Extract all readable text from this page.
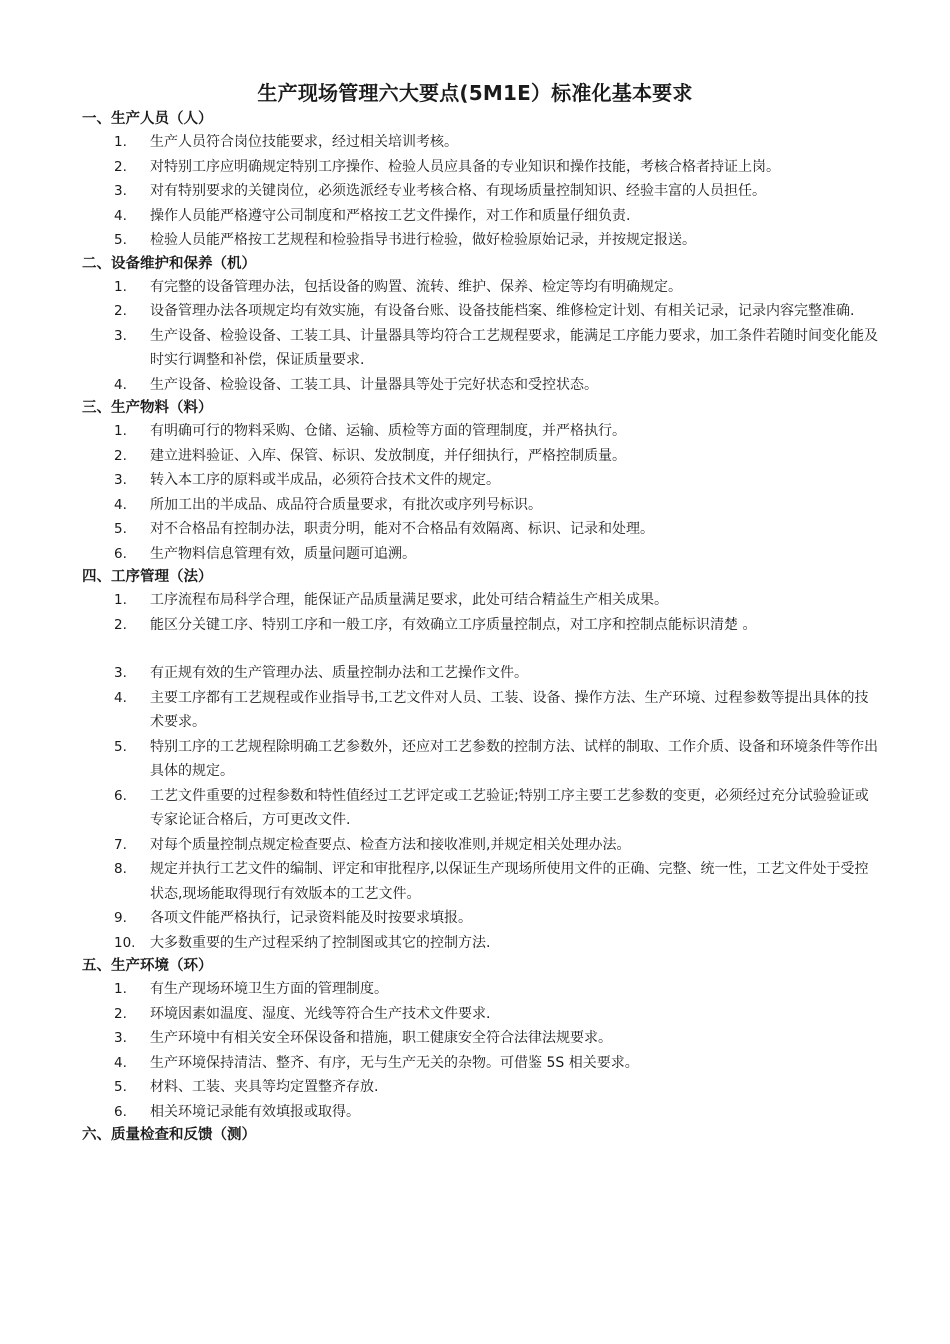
生产现场管理六大要点(5M1E）标准化基本要求
一、生产人员（人）
1. 生产人员符合岗位技能要求，经过相关培训考核。
2. 对特别工序应明确规定特别工序操作、检验人员应具备的专业知识和操作技能，考核合格者持证上岗。
3. 对有特别要求的关键岗位，必须选派经专业考核合格、有现场质量控制知识、经验丰富的人员担任。
4. 操作人员能严格遵守公司制度和严格按工艺文件操作，对工作和质量仔细负责.
5. 检验人员能严格按工艺规程和检验指导书进行检验，做好检验原始记录，并按规定报送。
二、设备维护和保养（机）
1. 有完整的设备管理办法，包括设备的购置、流转、维护、保养、检定等均有明确规定。
2. 设备管理办法各项规定均有效实施，有设备台账、设备技能档案、维修检定计划、有相关记录，记录内容完整准确.
3. 生产设备、检验设备、工装工具、计量器具等均符合工艺规程要求，能满足工序能力要求，加工条件若随时间变化能及时实行调整和补偿，保证质量要求.
4. 生产设备、检验设备、工装工具、计量器具等处于完好状态和受控状态。
三、生产物料（料）
1. 有明确可行的物料采购、仓储、运输、质检等方面的管理制度，并严格执行。
2. 建立进料验证、入库、保管、标识、发放制度，并仔细执行，严格控制质量。
3. 转入本工序的原料或半成品，必须符合技术文件的规定。
4. 所加工出的半成品、成品符合质量要求，有批次或序列号标识。
5. 对不合格品有控制办法，职责分明，能对不合格品有效隔离、标识、记录和处理。
6. 生产物料信息管理有效，质量问题可追溯。
四、工序管理（法）
1. 工序流程布局科学合理，能保证产品质量满足要求，此处可结合精益生产相关成果。
2. 能区分关键工序、特别工序和一般工序，有效确立工序质量控制点，对工序和控制点能标识清楚 。
3. 有正规有效的生产管理办法、质量控制办法和工艺操作文件。
4. 主要工序都有工艺规程或作业指导书,工艺文件对人员、工装、设备、操作方法、生产环境、过程参数等提出具体的技术要求。
5. 特别工序的工艺规程除明确工艺参数外，还应对工艺参数的控制方法、试样的制取、工作介质、设备和环境条件等作出具体的规定。
6. 工艺文件重要的过程参数和特性值经过工艺评定或工艺验证;特别工序主要工艺参数的变更，必须经过充分试验验证或专家论证合格后，方可更改文件.
7. 对每个质量控制点规定检查要点、检查方法和接收准则,并规定相关处理办法。
8. 规定并执行工艺文件的编制、评定和审批程序,以保证生产现场所使用文件的正确、完整、统一性，工艺文件处于受控状态,现场能取得现行有效版本的工艺文件。
9. 各项文件能严格执行，记录资料能及时按要求填报。
10. 大多数重要的生产过程采纳了控制图或其它的控制方法.
五、生产环境（环）
1. 有生产现场环境卫生方面的管理制度。
2. 环境因素如温度、湿度、光线等符合生产技术文件要求.
3. 生产环境中有相关安全环保设备和措施，职工健康安全符合法律法规要求。
4. 生产环境保持清洁、整齐、有序，无与生产无关的杂物。可借鉴 5S 相关要求。
5. 材料、工装、夹具等均定置整齐存放.
6. 相关环境记录能有效填报或取得。
六、质量检查和反馈（测）
